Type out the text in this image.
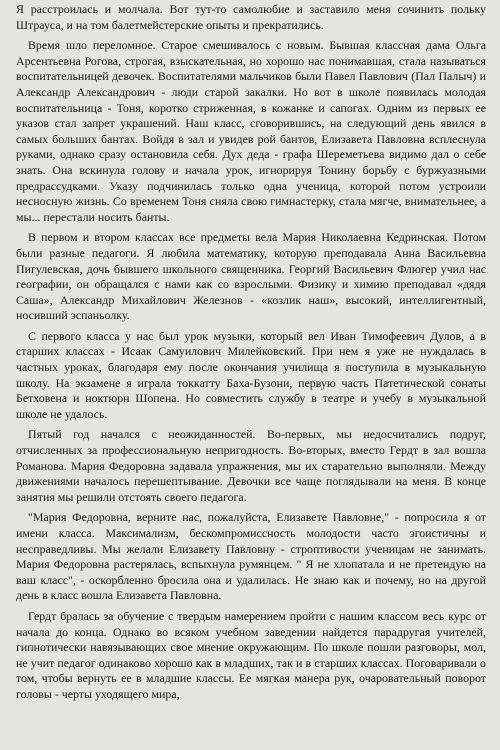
Я расстроилась и молчала. Вот тут-то самолюбие и заставило меня сочинить польку Штрауса, и на том балетмейстерские опыты и прекратились.

Время шло переломное. Старое смешивалось с новым. Бывшая классная дама Ольга Арсентьевна Рогова, строгая, взыскательная, но хорошо нас понимавшая, стала называться воспитательницей девочек. Воспитателями мальчиков были Павел Павлович (Пал Палыч) и Александр Александрович - люди старой закалки. Но вот в школе появилась молодая воспитательница - Тоня, коротко стриженная, в кожанке и сапогах. Одним из первых ее указов стал запрет украшений. Наш класс, сговорившись, на следующий день явился в самых больших бантах. Войдя в зал и увидев рой бантов, Елизавета Павловна всплеснула руками, однако сразу остановила себя. Дух деда - графа Шереметьева видимо дал о себе знать. Она вскинула голову и начала урок, игнорируя Тонину борьбу с буржуазными предрассудками. Указу подчинилась только одна ученица, которой потом устроили несносную жизнь. Со временем Тоня сняла свою гимнастерку, стала мягче, внимательнее, а мы... перестали носить банты.

В первом и втором классах все предметы вела Мария Николаевна Кедринская. Потом были разные педагоги. Я любила математику, которую преподавала Анна Васильевна Пигулевская, дочь бывшего школьного священника. Георгий Васильевич Флюгер учил нас географии, он обращался с нами как со взрослыми. Физику и химию преподавал «дядя Саша», Александр Михайлович Железнов - «козлик наш», высокий, интеллигентный, носивший эспаньолку.

С первого класса у нас был урок музыки, который вел Иван Тимофеевич Дулов, а в старших классах - Исаак Самуилович Милейковский. При нем я уже не нуждалась в частных уроках, благодаря ему после окончания училища я поступила в музыкальную школу. На экзамене я играла токкатту Баха-Бузони, первую часть Патетической сонаты Бетховена и ноктюрн Шопена. Но совместить службу в театре и учебу в музыкальной школе не удалось.

Пятый год начался с неожиданностей. Во-первых, мы недосчитались подруг, отчисленных за профессиональную непригодность. Во-вторых, вместо Гердт в зал вошла Романова. Мария Федоровна задавала упражнения, мы их старательно выполняли. Между движениями началось перешептывание. Девочки все чаще поглядывали на меня. В конце занятия мы решили отстоять своего педагога.

"Мария Федоровна, верните нас, пожалуйста, Елизавете Павловне," - попросила я от имени класса. Максимализм, бескомпромиссность молодости часто эгоистичны и несправедливы. Мы желали Елизавету Павловну - строптивости ученицам не занимать. Мария Федоровна растерялась, вспыхнула румянцем. " Я не хлопатала и не претендую на ваш класс", - оскорбленно бросила она и удалилась. Не знаю как и почему, но на другой день в класс вошла Елизавета Павловна.

Гердт бралась за обучение с твердым намерением пройти с нашим классом весь курс от начала до конца. Однако во всяком учебном заведении найдется парадругая учителей, гипнотически навязывающих свое мнение окружающим. По школе пошли разговоры, мол, не учит педагог одинаково хорошо как в младших, так и в старших классах. Поговаривали о том, чтобы вернуть ее в младшие классы. Ее мягкая манера рук, очаровательный поворот головы - черты уходящего мира,
